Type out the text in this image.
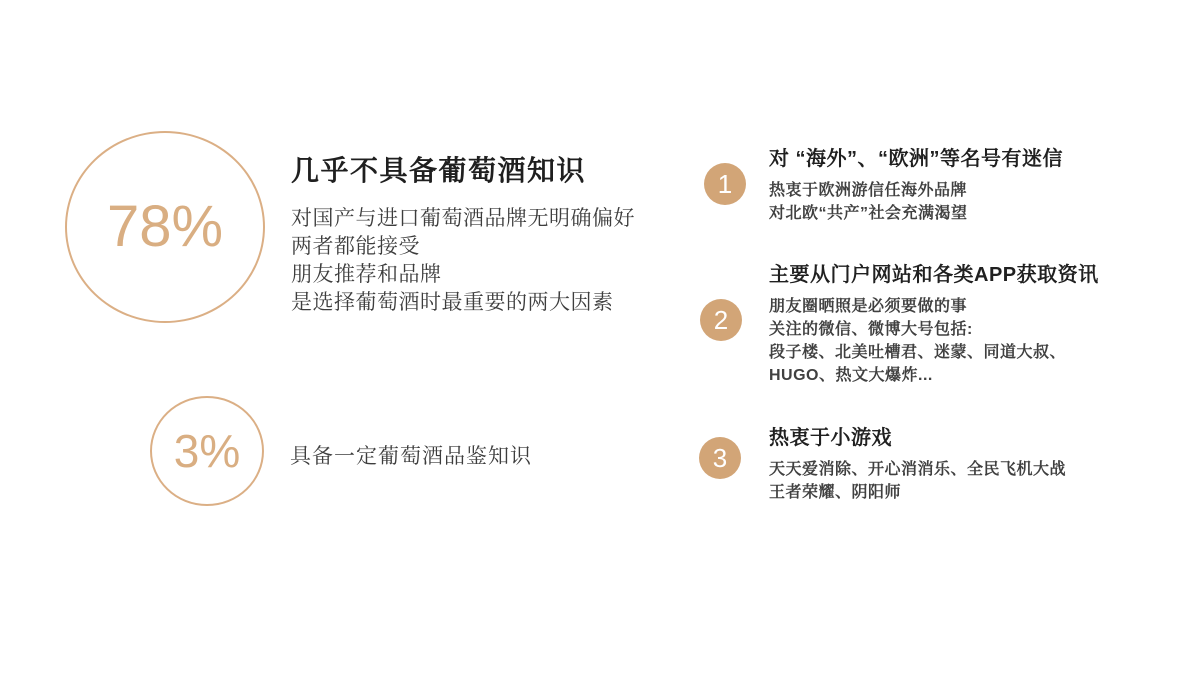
78%
几乎不具备葡萄酒知识

对国产与进口葡萄酒品牌无明确偏好

两者都能接受

朋友推荐和品牌

是选择葡萄酒时最重要的两大因素

3% 具备一定葡萄酒品鉴知识
1
对 “海外”、“欧洲”等名号有迷信

热衷于欧洲游信任海外品牌

对北欧“共产”社会充满渴望

2
主要从门户网站和各类APP获取资讯

朋友圈晒照是必须要做的事

关注的微信、微博大号包括:

段子楼、北美吐槽君、迷蒙、同道大叔、

HUGO、热文大爆炸...

3
热衷于小游戏

天天爱消除、开心消消乐、全民飞机大战

王者荣耀、阴阳师
